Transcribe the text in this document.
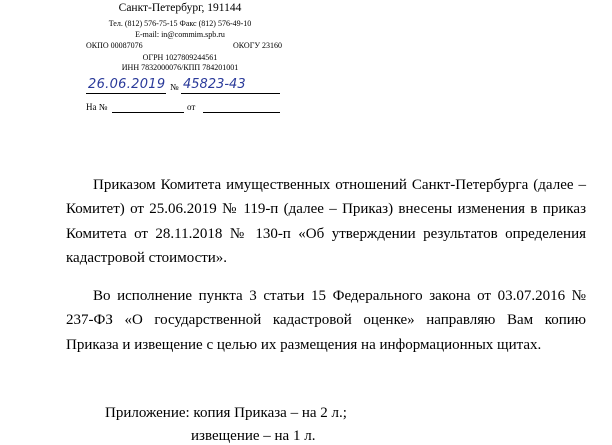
Санкт-Петербург, 191144
Тел. (812) 576-75-15 Факс (812) 576-49-10
E-mail: in@commim.spb.ru
ОКПО 00087076	ОКОГУ 23160
ОГРН 1027809244561
ИНН 7832000076/КПП 784201001
26.06.2019 № 45823-43
На №	от

Приказом Комитета имущественных отношений Санкт-Петербурга (далее – Комитет) от 25.06.2019 № 119-п (далее – Приказ) внесены изменения в приказ Комитета от 28.11.2018 № 130-п «Об утверждении результатов определения кадастровой стоимости».

Во исполнение пункта 3 статьи 15 Федерального закона от 03.07.2016 № 237-ФЗ «О государственной кадастровой оценке» направляю Вам копию Приказа и извещение с целью их размещения на информационных щитах.

Приложение: копия Приказа – на 2 л.;
извещение – на 1 л.
